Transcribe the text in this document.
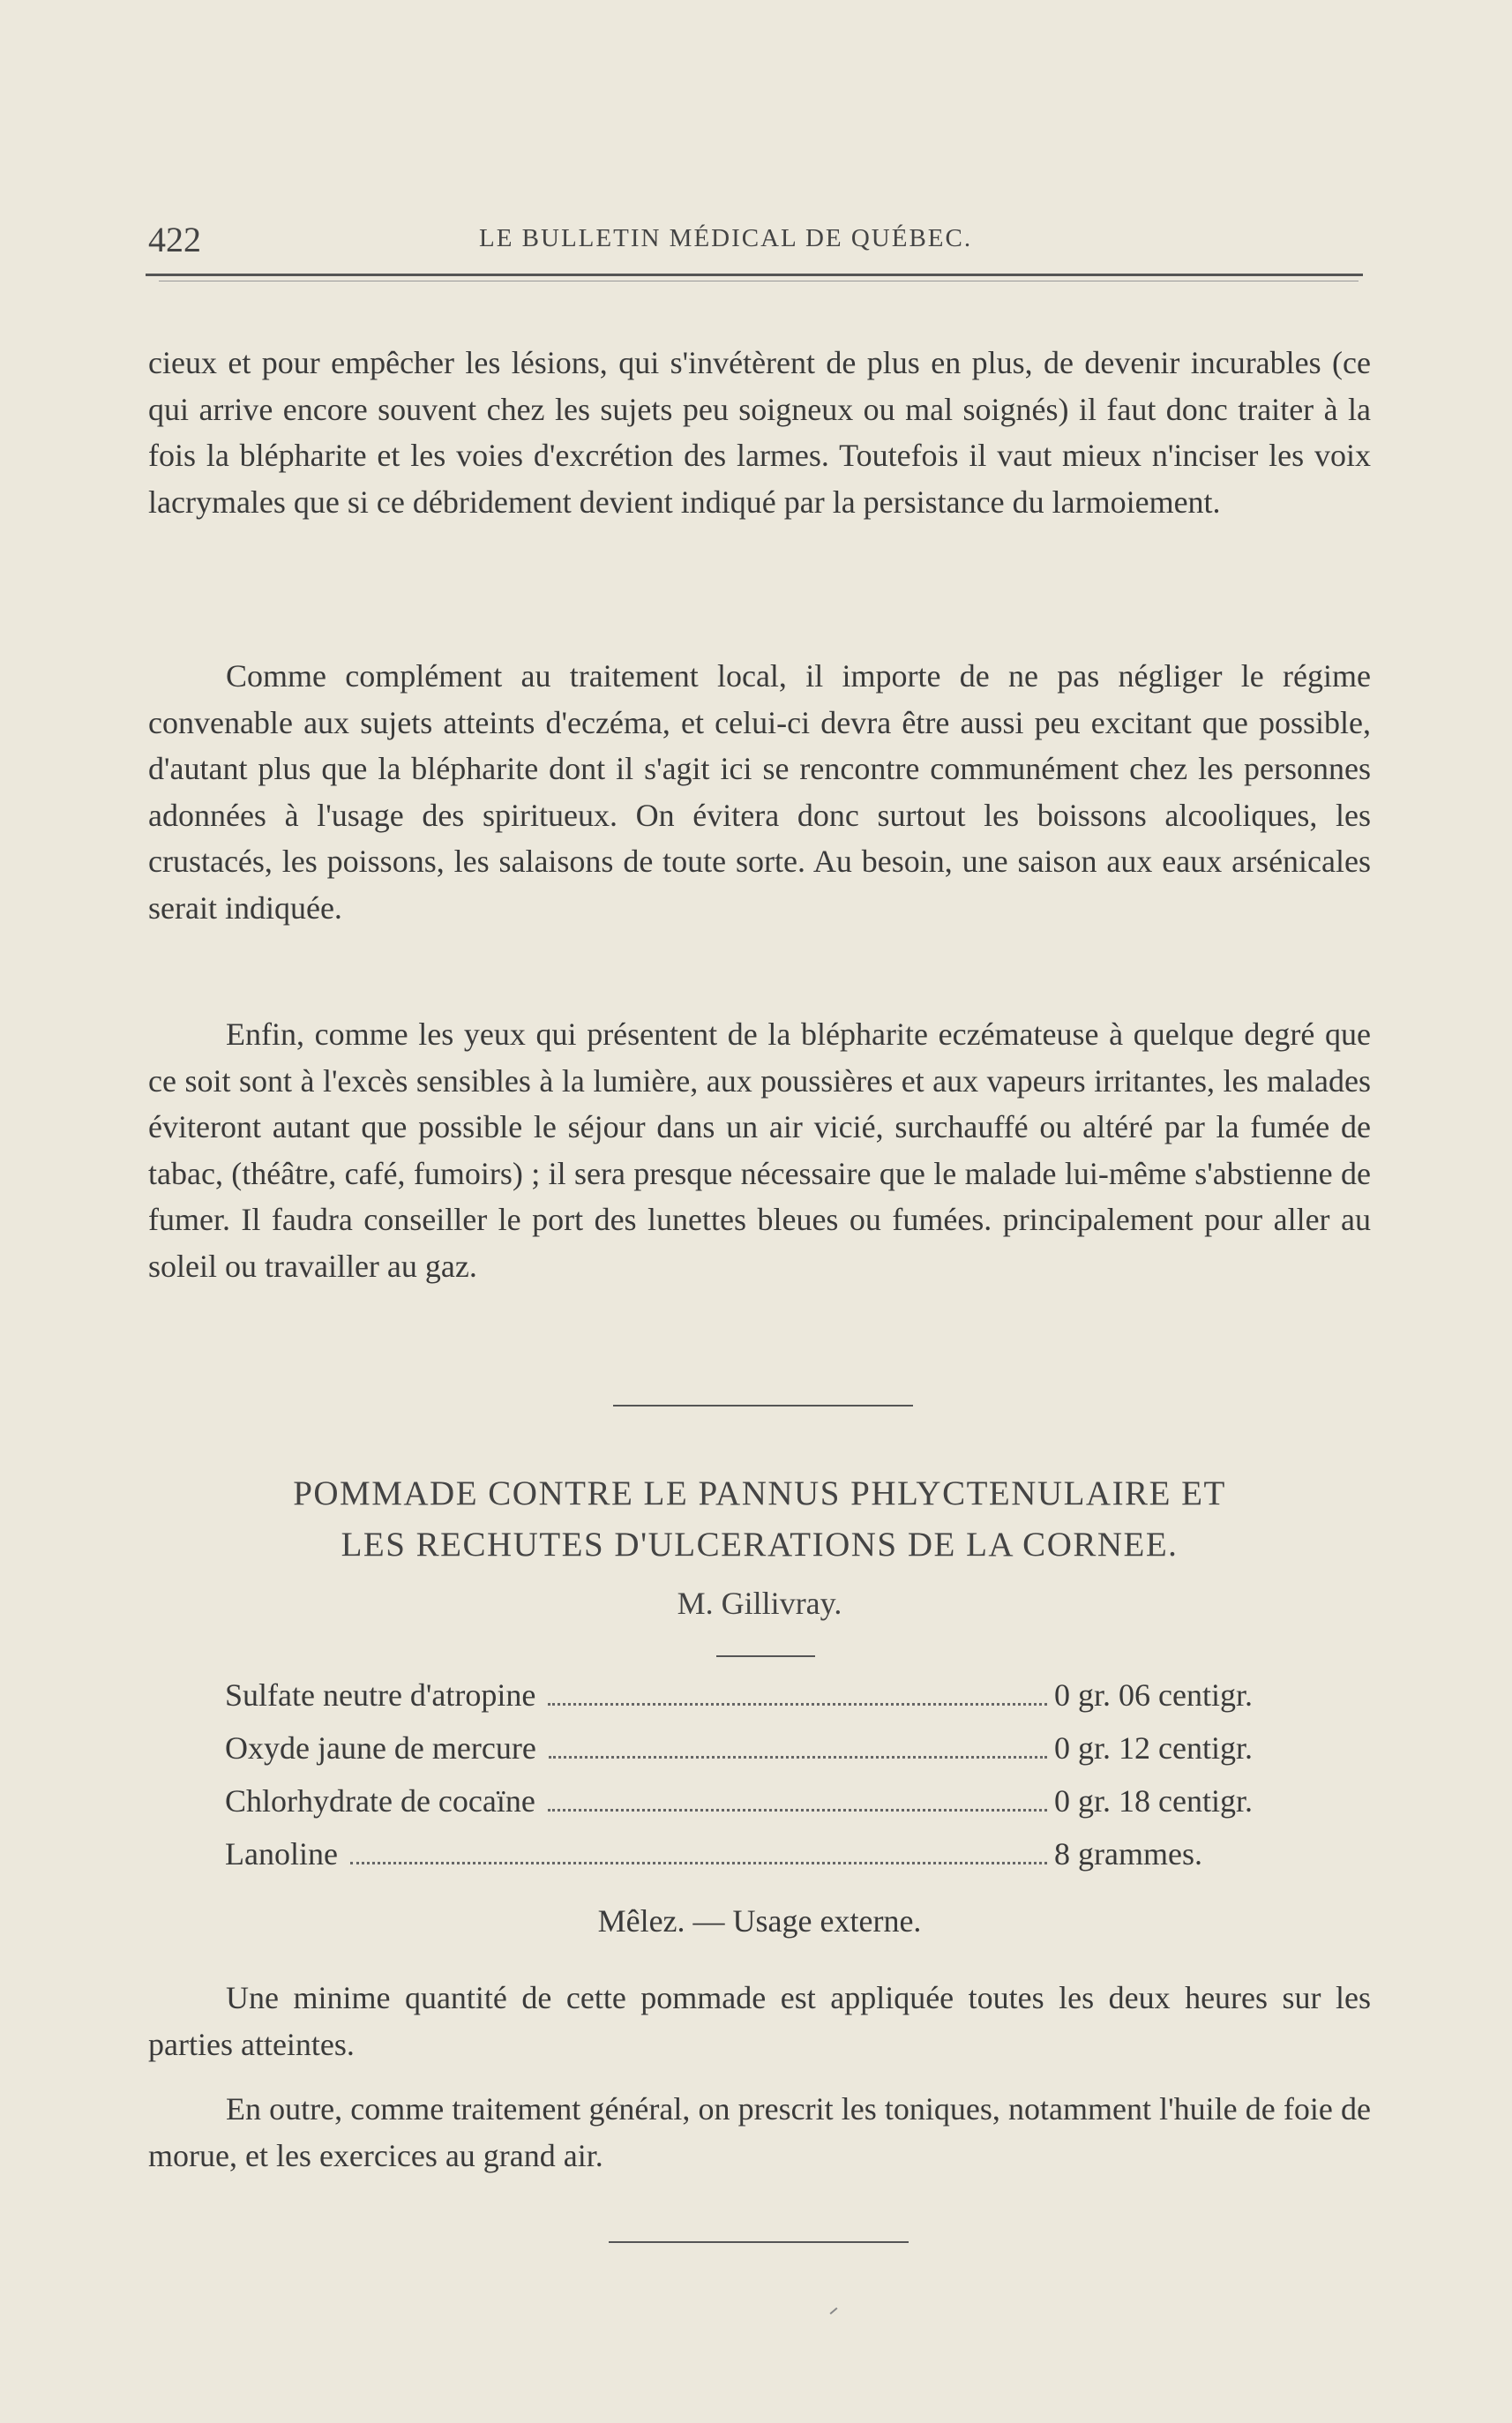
422	LE BULLETIN MÉDICAL DE QUÉBEC.

cieux et pour empêcher les lésions, qui s'invétèrent de plus en plus, de devenir incurables (ce qui arrive encore souvent chez les sujets peu soigneux ou mal soignés) il faut donc traiter à la fois la blépharite et les voies d'excrétion des larmes. Toutefois il vaut mieux n'inciser les voix lacrymales que si ce débridement devient indiqué par la persistance du larmoiement.

Comme complément au traitement local, il importe de ne pas négliger le régime convenable aux sujets atteints d'eczéma, et celui-ci devra être aussi peu excitant que possible, d'autant plus que la blépharite dont il s'agit ici se rencontre communément chez les personnes adonnées à l'usage des spiritueux. On évitera donc surtout les boissons alcooliques, les crustacés, les poissons, les salaisons de toute sorte. Au besoin, une saison aux eaux arsénicales serait indiquée.

Enfin, comme les yeux qui présentent de la blépharite eczémateuse à quelque degré que ce soit sont à l'excès sensibles à la lumière, aux poussières et aux vapeurs irritantes, les malades éviteront autant que possible le séjour dans un air vicié, surchauffé ou altéré par la fumée de tabac, (théâtre, café, fumoirs) ; il sera presque nécessaire que le malade lui-même s'abstienne de fumer. Il faudra conseiller le port des lunettes bleues ou fumées. principalement pour aller au soleil ou travailler au gaz.

POMMADE CONTRE LE PANNUS PHLYCTENULAIRE ET

LES RECHUTES D'ULCERATIONS DE LA CORNEE.

M. Gillivray.
Sulfate neutre d'atropine	0 gr. 06 centigr.
Oxyde jaune de mercure	0 gr. 12 centigr.
Chlorhydrate de cocaïne	0 gr. 18 centigr.
Lanoline	8 grammes.
Mêlez. — Usage externe.

Une minime quantité de cette pommade est appliquée toutes les deux heures sur les parties atteintes.

En outre, comme traitement général, on prescrit les toniques, notamment l'huile de foie de morue, et les exercices au grand air.
